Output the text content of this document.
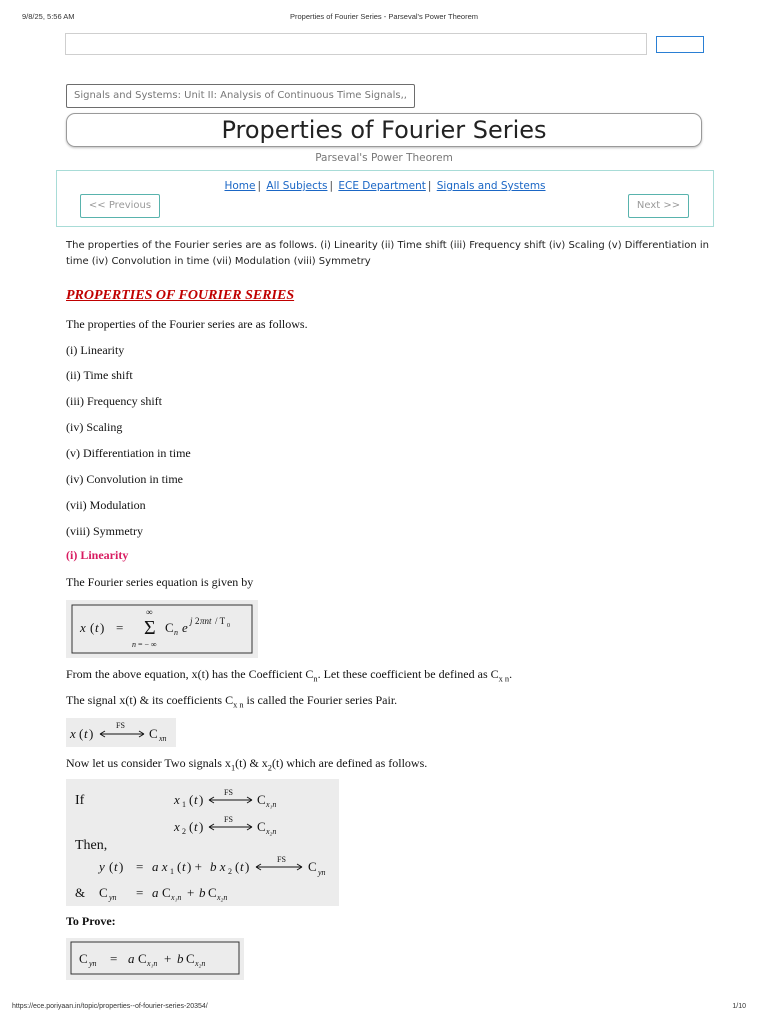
9/8/25, 5:56 AM	Properties of Fourier Series - Parseval's Power Theorem
Signals and Systems: Unit II: Analysis of Continuous Time Signals,,
Properties of Fourier Series
Parseval's Power Theorem
Home | All Subjects | ECE Department | Signals and Systems
<< Previous	Next >>
The properties of the Fourier series are as follows. (i) Linearity (ii) Time shift (iii) Frequency shift (iv) Scaling (v) Differentiation in time (iv) Convolution in time (vii) Modulation (viii) Symmetry
PROPERTIES OF FOURIER SERIES
The properties of the Fourier series are as follows.
(i) Linearity
(ii) Time shift
(iii) Frequency shift
(iv) Scaling
(v) Differentiation in time
(iv) Convolution in time
(vii) Modulation
(viii) Symmetry
(i) Linearity
The Fourier series equation is given by
x ( t ) = Σ
∞
n = − ∞
C n e j 2 πnt / T 0
From the above equation, x(t) has the Coefficient $C_n$. Let these coefficient be defined as $C_{x n}$.
The signal x(t) & its coefficients $C_{x n}$ is called the Fourier series Pair.
x ( t )
FS
C xn
Now let us consider Two signals $x_1(t)$ & $x_2(t)$ which are defined as follows.
If	x 1 ( t )	FS C x₁n
x 2 ( t )	FS C x₂n
Then,
y ( t ) = a x 1 ( t ) + b x 2 ( t )	FS C yn
& C yn = a C x₁n + b C x₂n
To Prove:
C yn = a C x₁n + b C x₂n
https://ece.poriyaan.in/topic/properties--of-fourier-series-20354/	1/10
